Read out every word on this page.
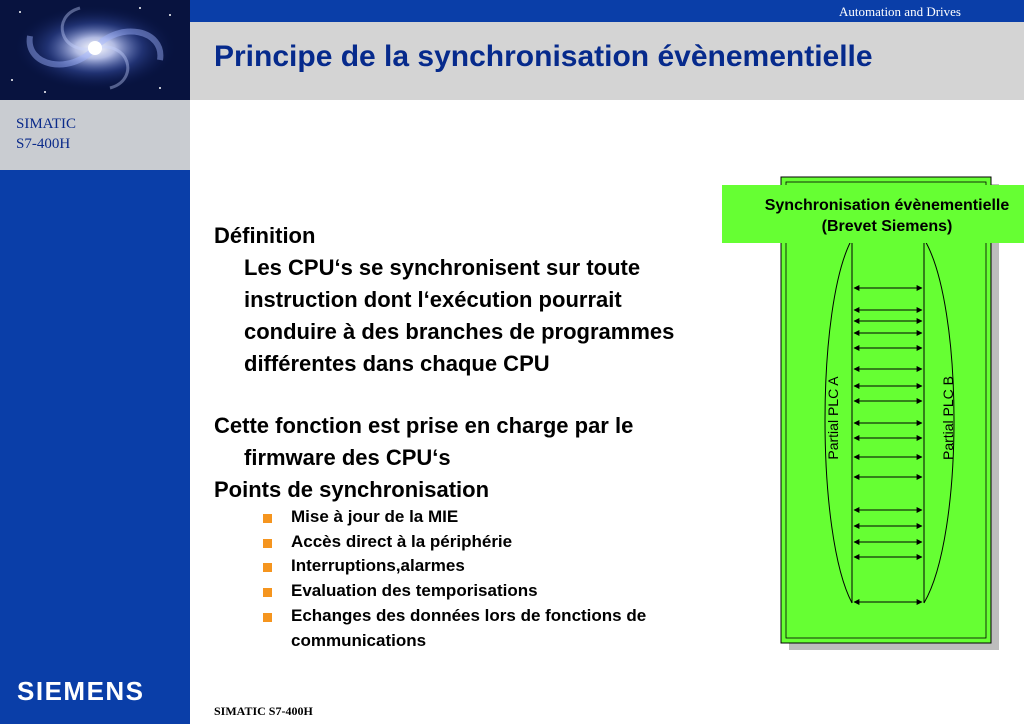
SIMATIC
S7-400H
SIEMENS
Automation and Drives
Principe de la synchronisation évènementielle
Définition
Les CPU‘s se synchronisent sur toute
instruction dont l‘exécution pourrait
conduire à des branches de programmes
différentes dans chaque CPU
Cette fonction est prise en charge par le
firmware des CPU‘s
Points de synchronisation
Mise à jour de la MIE
Accès direct à la périphérie
Interruptions,alarmes
Evaluation des temporisations
Echanges des données lors de fonctions de
communications
Synchronisation évènementielle
(Brevet Siemens)
Partial PLC A	Partial PLC B
SIMATIC S7-400H
